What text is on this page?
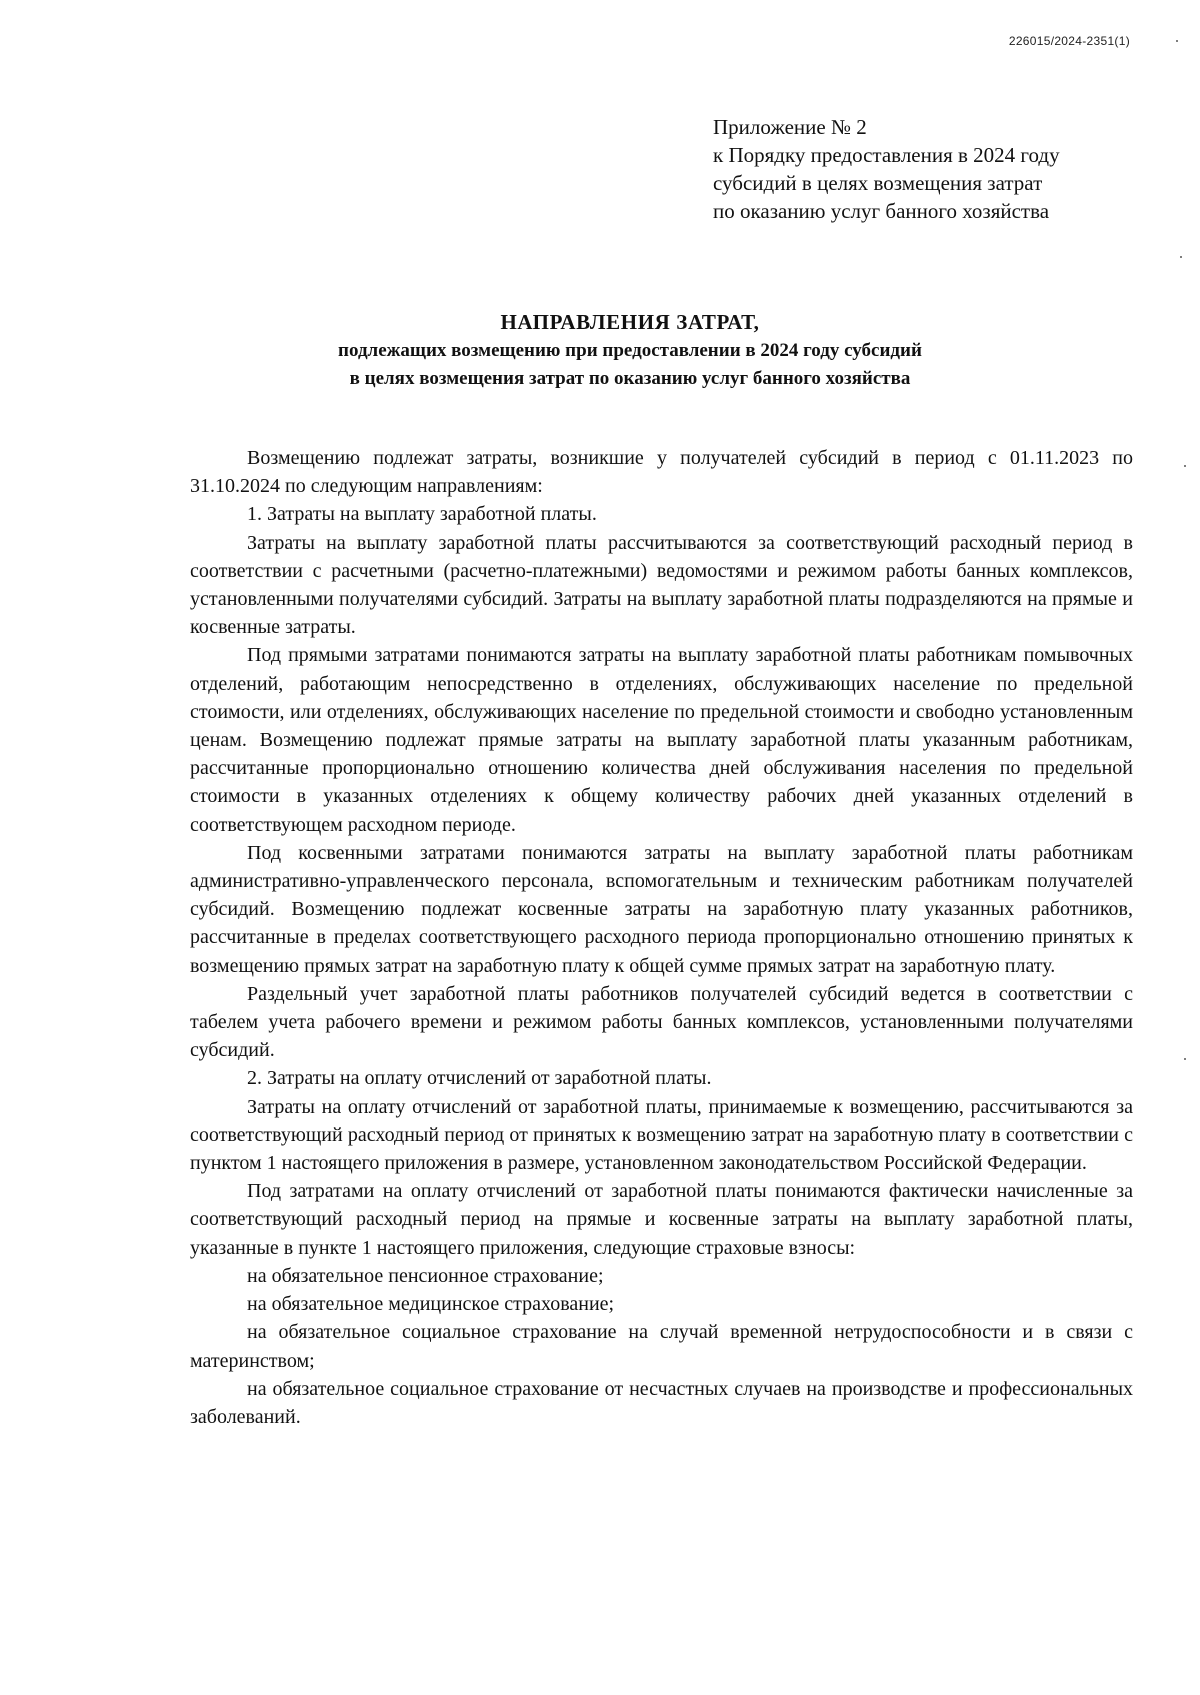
226015/2024-2351(1)
Приложение № 2
к Порядку предоставления в 2024 году
субсидий в целях возмещения затрат
по оказанию услуг банного хозяйства
НАПРАВЛЕНИЯ ЗАТРАТ,
подлежащих возмещению при предоставлении в 2024 году субсидий
в целях возмещения затрат по оказанию услуг банного хозяйства

Возмещению подлежат затраты, возникшие у получателей субсидий в период с 01.11.2023 по 31.10.2024 по следующим направлениям:

1. Затраты на выплату заработной платы.

Затраты на выплату заработной платы рассчитываются за соответствующий расходный период в соответствии с расчетными (расчетно-платежными) ведомостями и режимом работы банных комплексов, установленными получателями субсидий. Затраты на выплату заработной платы подразделяются на прямые и косвенные затраты.

Под прямыми затратами понимаются затраты на выплату заработной платы работникам помывочных отделений, работающим непосредственно в отделениях, обслуживающих население по предельной стоимости, или отделениях, обслуживающих население по предельной стоимости и свободно установленным ценам. Возмещению подлежат прямые затраты на выплату заработной платы указанным работникам, рассчитанные пропорционально отношению количества дней обслуживания населения по предельной стоимости в указанных отделениях к общему количеству рабочих дней указанных отделений в соответствующем расходном периоде.

Под косвенными затратами понимаются затраты на выплату заработной платы работникам административно-управленческого персонала, вспомогательным и техническим работникам получателей субсидий. Возмещению подлежат косвенные затраты на заработную плату указанных работников, рассчитанные в пределах соответствующего расходного периода пропорционально отношению принятых к возмещению прямых затрат на заработную плату к общей сумме прямых затрат на заработную плату.

Раздельный учет заработной платы работников получателей субсидий ведется в соответствии с табелем учета рабочего времени и режимом работы банных комплексов, установленными получателями субсидий.

2. Затраты на оплату отчислений от заработной платы.

Затраты на оплату отчислений от заработной платы, принимаемые к возмещению, рассчитываются за соответствующий расходный период от принятых к возмещению затрат на заработную плату в соответствии с пунктом 1 настоящего приложения в размере, установленном законодательством Российской Федерации.

Под затратами на оплату отчислений от заработной платы понимаются фактически начисленные за соответствующий расходный период на прямые и косвенные затраты на выплату заработной платы, указанные в пункте 1 настоящего приложения, следующие страховые взносы:

на обязательное пенсионное страхование;

на обязательное медицинское страхование;

на обязательное социальное страхование на случай временной нетрудоспособности и в связи с материнством;

на обязательное социальное страхование от несчастных случаев на производстве и профессиональных заболеваний.
